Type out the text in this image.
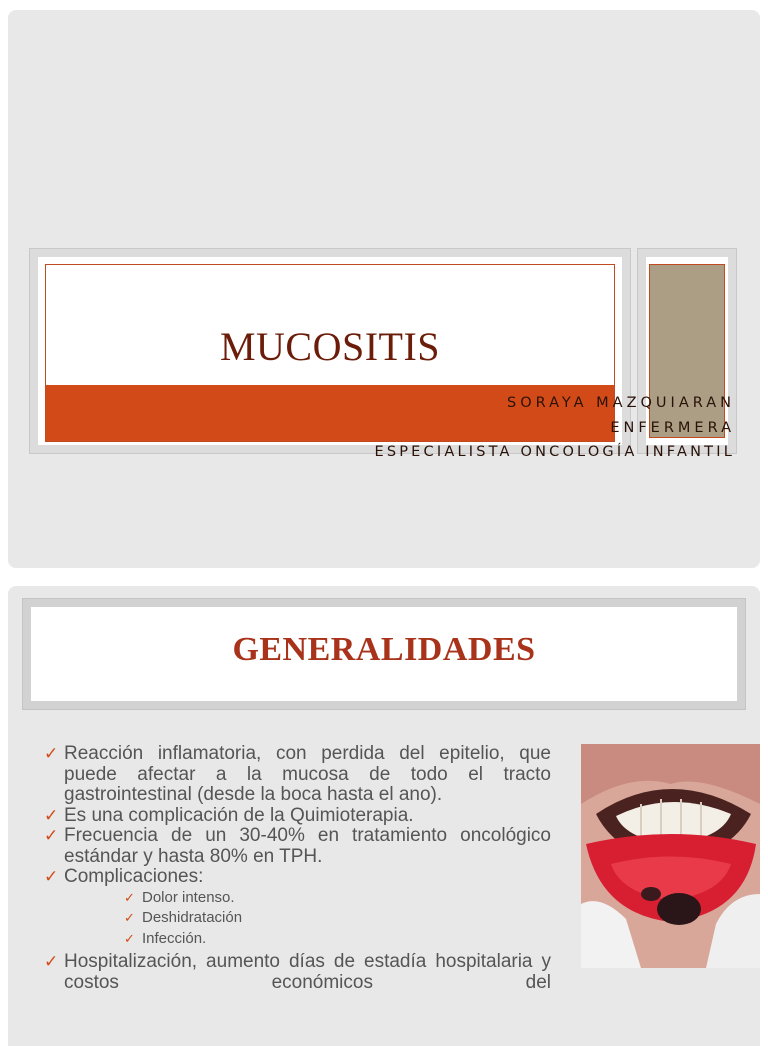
MUCOSITIS
SORAYA MAZQUIARAN
ENFERMERA
ESPECIALISTA ONCOLOGÍA INFANTIL
GENERALIDADES
✓ Reacción inflamatoria, con perdida del epitelio, que puede afectar a la mucosa de todo el tracto gastrointestinal (desde la boca hasta el ano).
✓ Es una complicación de la Quimioterapia.
✓ Frecuencia de un 30-40% en tratamiento oncológico estándar y hasta 80% en TPH.
✓ Complicaciones:
✓ Dolor intenso.
✓ Deshidratación
✓ Infección.
✓ Hospitalización, aumento días de estadía hospitalaria y costos económicos del
